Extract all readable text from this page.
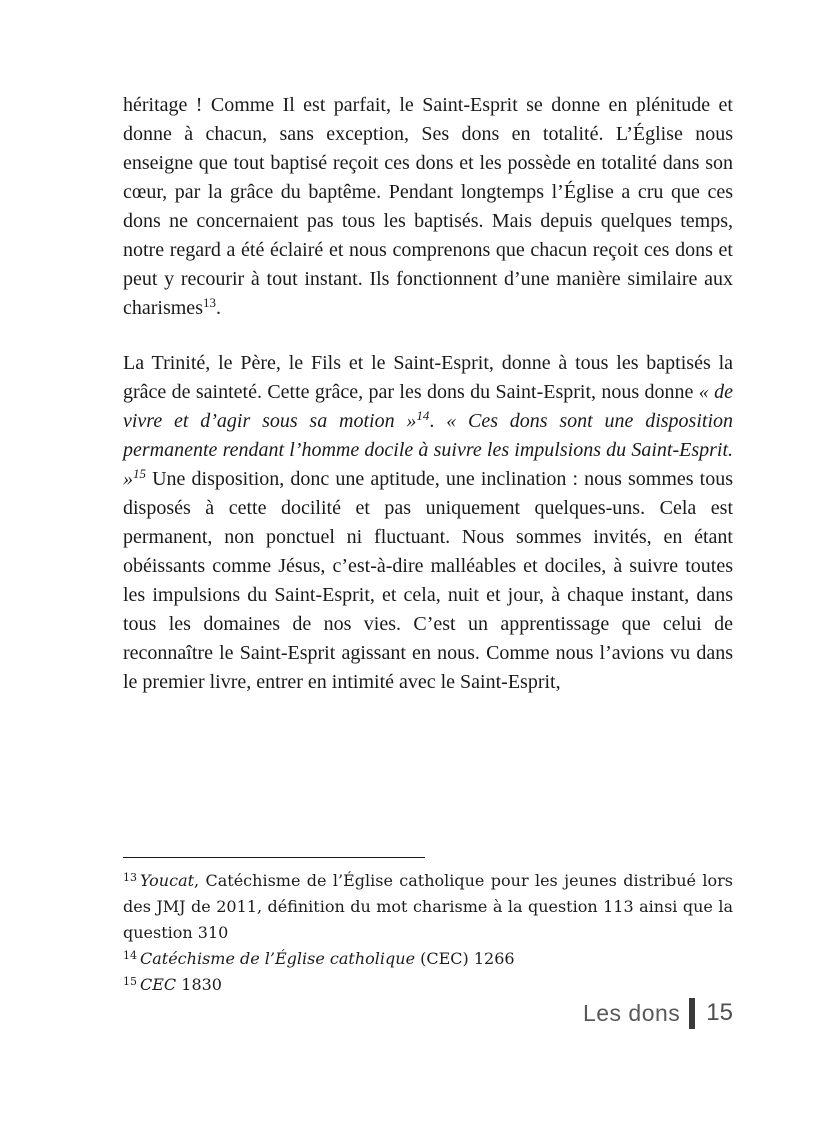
héritage ! Comme Il est parfait, le Saint-Esprit se donne en plénitude et donne à chacun, sans exception, Ses dons en totalité. L’Église nous enseigne que tout baptisé reçoit ces dons et les possède en totalité dans son cœur, par la grâce du baptême. Pendant longtemps l’Église a cru que ces dons ne concernaient pas tous les baptisés. Mais depuis quelques temps, notre regard a été éclairé et nous comprenons que chacun reçoit ces dons et peut y recourir à tout instant. Ils fonctionnent d’une manière similaire aux charismes$^{13}$.

La Trinité, le Père, le Fils et le Saint-Esprit, donne à tous les baptisés la grâce de sainteté. Cette grâce, par les dons du Saint-Esprit, nous donne « de vivre et d’agir sous sa motion »$^{14}$. « Ces dons sont une disposition permanente rendant l’homme docile à suivre les impulsions du Saint-Esprit. »$^{15}$ Une disposition, donc une aptitude, une inclination : nous sommes tous disposés à cette docilité et pas uniquement quelques-uns. Cela est permanent, non ponctuel ni fluctuant. Nous sommes invités, en étant obéissants comme Jésus, c’est-à-dire malléables et dociles, à suivre toutes les impulsions du Saint-Esprit, et cela, nuit et jour, à chaque instant, dans tous les domaines de nos vies. C’est un apprentissage que celui de reconnaître le Saint-Esprit agissant en nous. Comme nous l’avions vu dans le premier livre, entrer en intimité avec le Saint-Esprit,

$^{13}$ Youcat, Catéchisme de l’Église catholique pour les jeunes distribué lors des JMJ de 2011, définition du mot charisme à la question 113 ainsi que la question 310

$^{14}$ Catéchisme de l’Église catholique (CEC) 1266

$^{15}$ CEC 1830

Les dons 15
